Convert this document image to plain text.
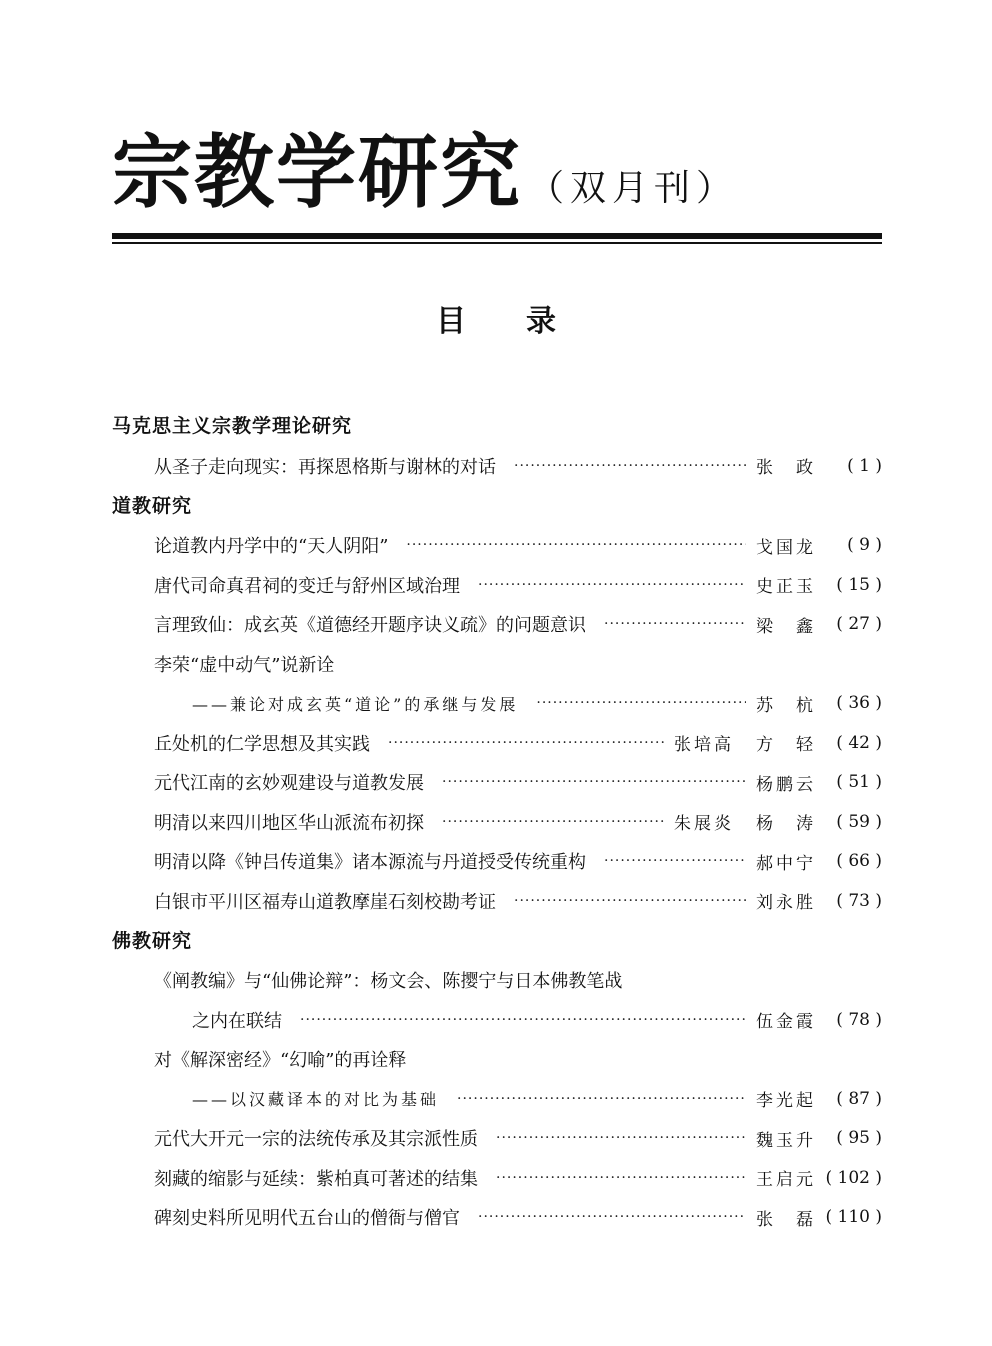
宗教学研究 （双月刊）
目 录
马克思主义宗教学理论研究
从圣子走向现实：再探恩格斯与谢林的对话 ·····	张　政	( 1 )
道教研究
论道教内丹学中的“天人阴阳” ·····	戈国龙	( 9 )
唐代司命真君祠的变迁与舒州区域治理 ·····	史正玉	( 15 )
言理致仙：成玄英《道德经开题序诀义疏》的问题意识 ·····	梁　鑫	( 27 )
李荣“虚中动气”说新诠
——兼论对成玄英“道论”的承继与发展 ·····	苏　杭	( 36 )
丘处机的仁学思想及其实践 ·····	张培高 方　轻	( 42 )
元代江南的玄妙观建设与道教发展 ·····	杨鹏云	( 51 )
明清以来四川地区华山派流布初探 ·····	朱展炎 杨　涛	( 59 )
明清以降《钟吕传道集》诸本源流与丹道授受传统重构 ·····	郝中宁	( 66 )
白银市平川区福寿山道教摩崖石刻校勘考证 ·····	刘永胜	( 73 )
佛教研究
《阐教编》与“仙佛论辩”：杨文会、陈撄宁与日本佛教笔战
之内在联结 ·····	伍金霞	( 78 )
对《解深密经》“幻喻”的再诠释
——以汉藏译本的对比为基础 ·····	李光起	( 87 )
元代大开元一宗的法统传承及其宗派性质 ·····	魏玉升	( 95 )
刻藏的缩影与延续：紫柏真可著述的结集 ·····	王启元 ( 102 )
碑刻史料所见明代五台山的僧衙与僧官 ·····	张　磊 ( 110 )
